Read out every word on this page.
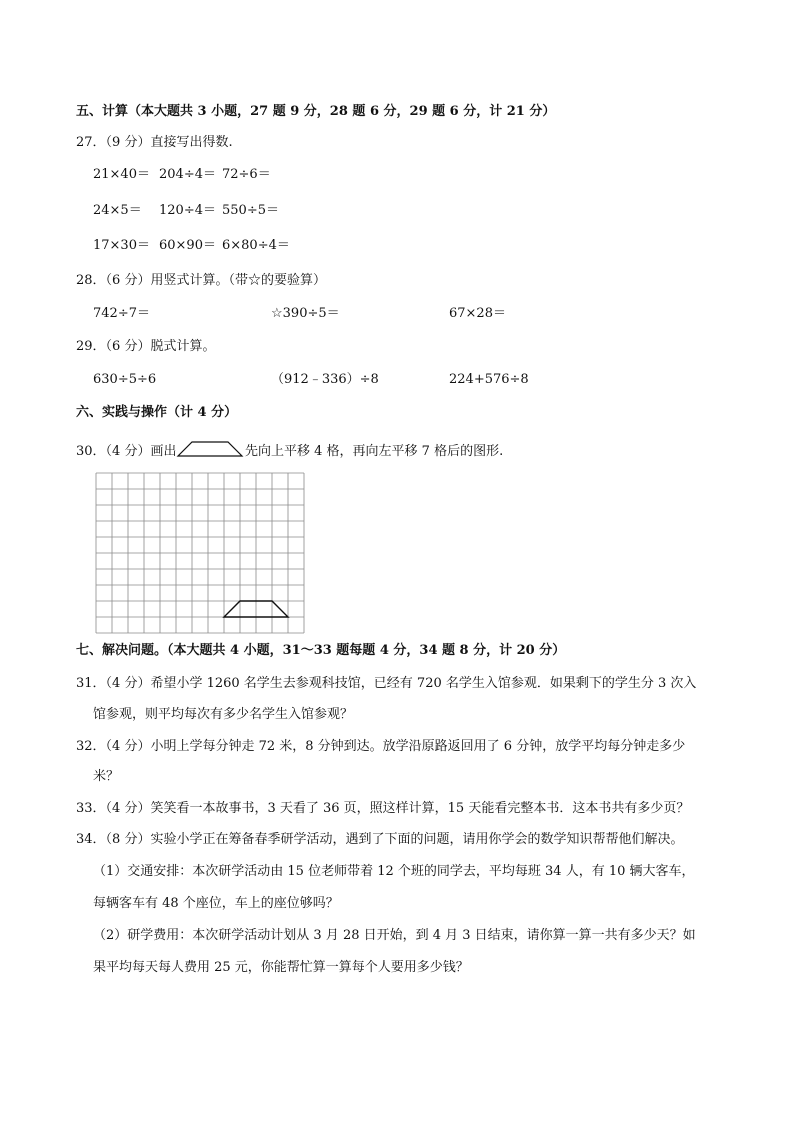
五、计算（本大题共 3 小题，27 题 9 分，28 题 6 分，29 题 6 分，计 21 分）
27．（9 分）直接写出得数.
21×40＝ 204÷4＝ 72÷6＝
24×5＝ 120÷4＝ 550÷5＝
17×30＝ 60×90＝ 6×80÷4＝
28．（6 分）用竖式计算。（带☆的要验算）
742÷7＝	☆390÷5＝	67×28＝
29．（6 分）脱式计算。
630÷5÷6	（912﹣336）÷8	224+576÷8
六、实践与操作（计 4 分）
30．（4 分）画出	先向上平移 4 格，再向左平移 7 格后的图形.
七、解决问题。（本大题共 4 小题，31～33 题每题 4 分，34 题 8 分，计 20 分）
31．（4 分）希望小学 1260 名学生去参观科技馆，已经有 720 名学生入馆参观．如果剩下的学生分 3 次入
馆参观，则平均每次有多少名学生入馆参观？
32．（4 分）小明上学每分钟走 72 米，8 分钟到达。放学沿原路返回用了 6 分钟，放学平均每分钟走多少
米？
33．（4 分）笑笑看一本故事书，3 天看了 36 页，照这样计算，15 天能看完整本书．这本书共有多少页？
34．（8 分）实验小学正在筹备春季研学活动，遇到了下面的问题，请用你学会的数学知识帮帮他们解决。
（1）交通安排：本次研学活动由 15 位老师带着 12 个班的同学去，平均每班 34 人，有 10 辆大客车，
每辆客车有 48 个座位，车上的座位够吗？
（2）研学费用：本次研学活动计划从 3 月 28 日开始，到 4 月 3 日结束，请你算一算一共有多少天？如
果平均每天每人费用 25 元，你能帮忙算一算每个人要用多少钱？
